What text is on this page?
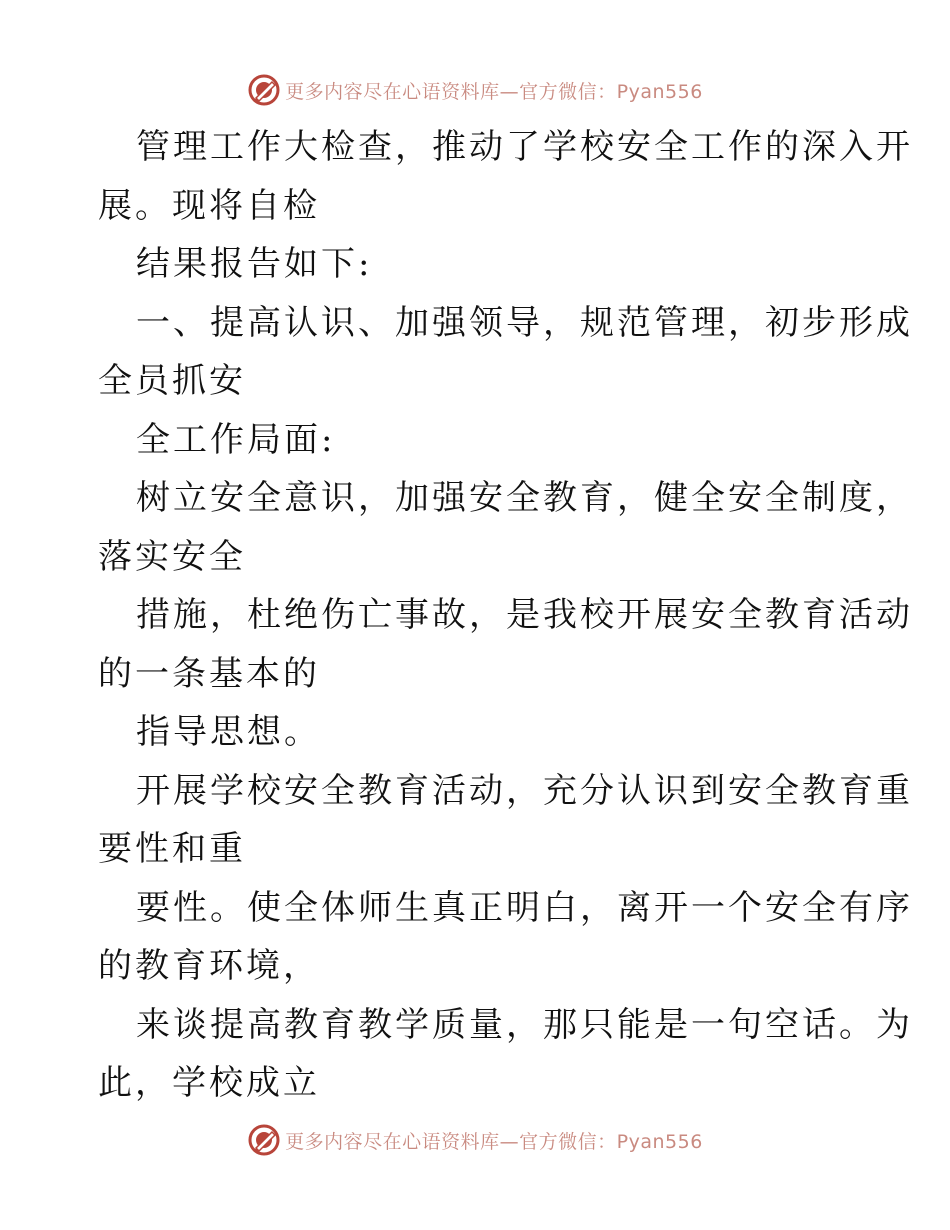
更多内容尽在心语资料库—官方微信：Pyan556
管理工作大检查，推动了学校安全工作的深入开
展。现将自检
结果报告如下:
一、提高认识、加强领导，规范管理，初步形成
全员抓安
全工作局面:
树立安全意识，加强安全教育，健全安全制度，
落实安全
措施，杜绝伤亡事故，是我校开展安全教育活动
的一条基本的
指导思想。
开展学校安全教育活动，充分认识到安全教育重
要性和重
要性。使全体师生真正明白，离开一个安全有序
的教育环境，
来谈提高教育教学质量，那只能是一句空话。为
此，学校成立
更多内容尽在心语资料库—官方微信：Pyan556
